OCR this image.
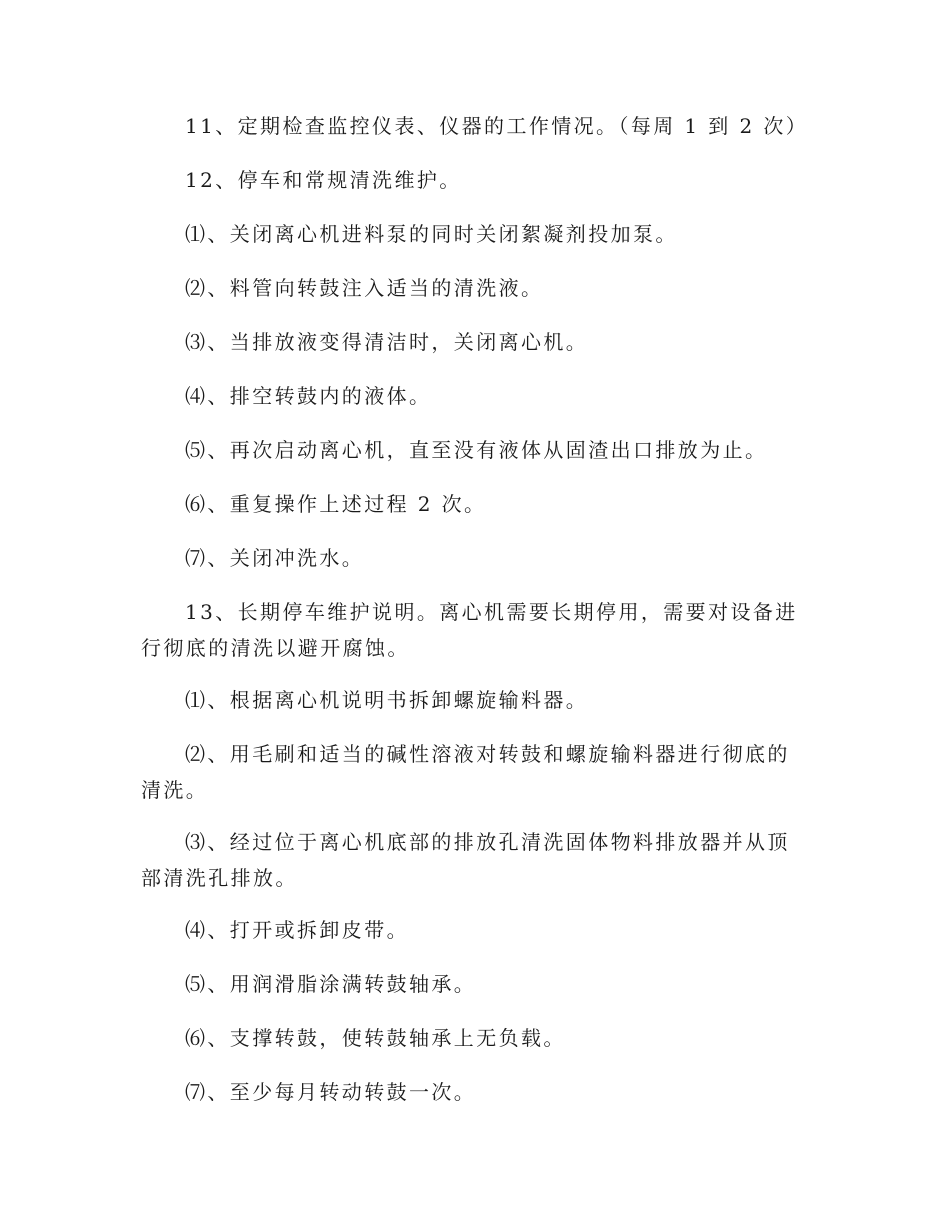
11、定期检查监控仪表、仪器的工作情况。（每周 1 到 2 次）

12、停车和常规清洗维护。

⑴、关闭离心机进料泵的同时关闭絮凝剂投加泵。

⑵、料管向转鼓注入适当的清洗液。

⑶、当排放液变得清洁时，关闭离心机。

⑷、排空转鼓内的液体。

⑸、再次启动离心机，直至没有液体从固渣出口排放为止。

⑹、重复操作上述过程 2 次。

⑺、关闭冲洗水。

13、长期停车维护说明。离心机需要长期停用，需要对设备进行彻底的清洗以避开腐蚀。

⑴、根据离心机说明书拆卸螺旋输料器。

⑵、用毛刷和适当的碱性溶液对转鼓和螺旋输料器进行彻底的清洗。

⑶、经过位于离心机底部的排放孔清洗固体物料排放器并从顶部清洗孔排放。

⑷、打开或拆卸皮带。

⑸、用润滑脂涂满转鼓轴承。

⑹、支撑转鼓，使转鼓轴承上无负载。

⑺、至少每月转动转鼓一次。
